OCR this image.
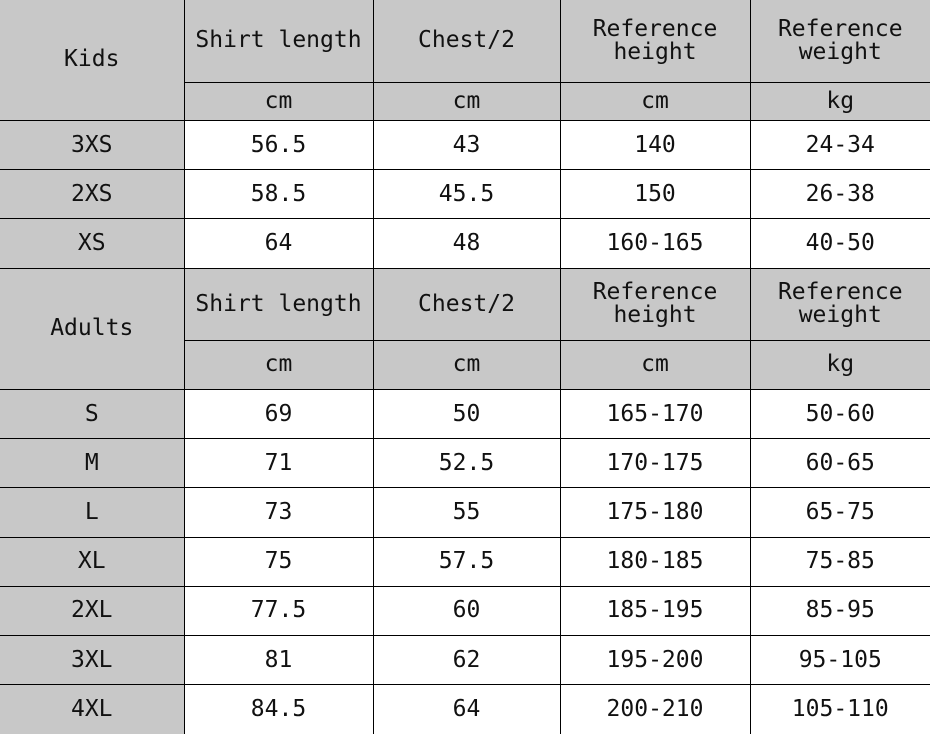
Kids	Shirt length	Chest/2	Reference height	Reference weight
	cm	cm	cm	kg
3XS	56.5	43	140	24-34
2XS	58.5	45.5	150	26-38
XS	64	48	160-165	40-50
Adults	Shirt length	Chest/2	Reference height	Reference weight
	cm	cm	cm	kg
S	69	50	165-170	50-60
M	71	52.5	170-175	60-65
L	73	55	175-180	65-75
XL	75	57.5	180-185	75-85
2XL	77.5	60	185-195	85-95
3XL	81	62	195-200	95-105
4XL	84.5	64	200-210	105-110
